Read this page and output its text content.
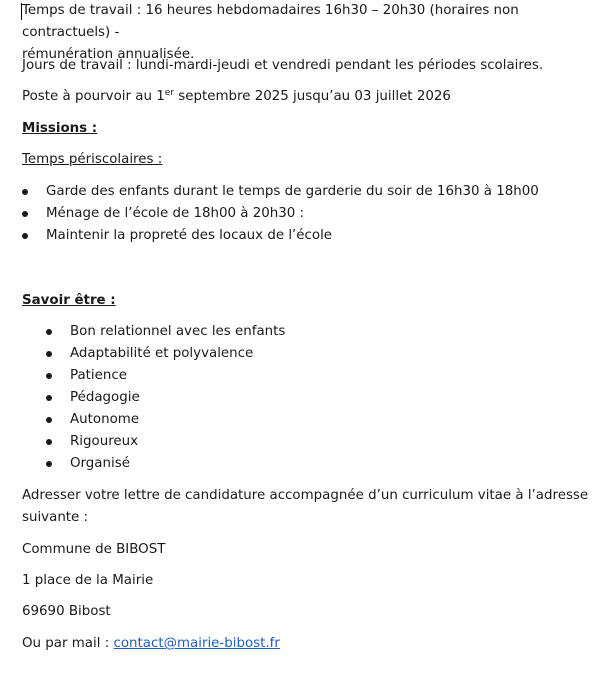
Temps de travail : 16 heures hebdomadaires 16h30 – 20h30 (horaires non contractuels) -
rémunération annualisée.
Jours de travail : lundi-mardi-jeudi et vendredi pendant les périodes scolaires.
Poste à pourvoir au 1er septembre 2025 jusqu’au 03 juillet 2026
Missions :
Temps périscolaires :
Garde des enfants durant le temps de garderie du soir de 16h30 à 18h00
Ménage de l’école de 18h00 à 20h30 :
Maintenir la propreté des locaux de l’école
Savoir être :
Bon relationnel avec les enfants
Adaptabilité et polyvalence
Patience
Pédagogie
Autonome
Rigoureux
Organisé
Adresser votre lettre de candidature accompagnée d’un curriculum vitae à l’adresse
suivante :
Commune de BIBOST
1 place de la Mairie
69690 Bibost
Ou par mail : contact@mairie-bibost.fr
